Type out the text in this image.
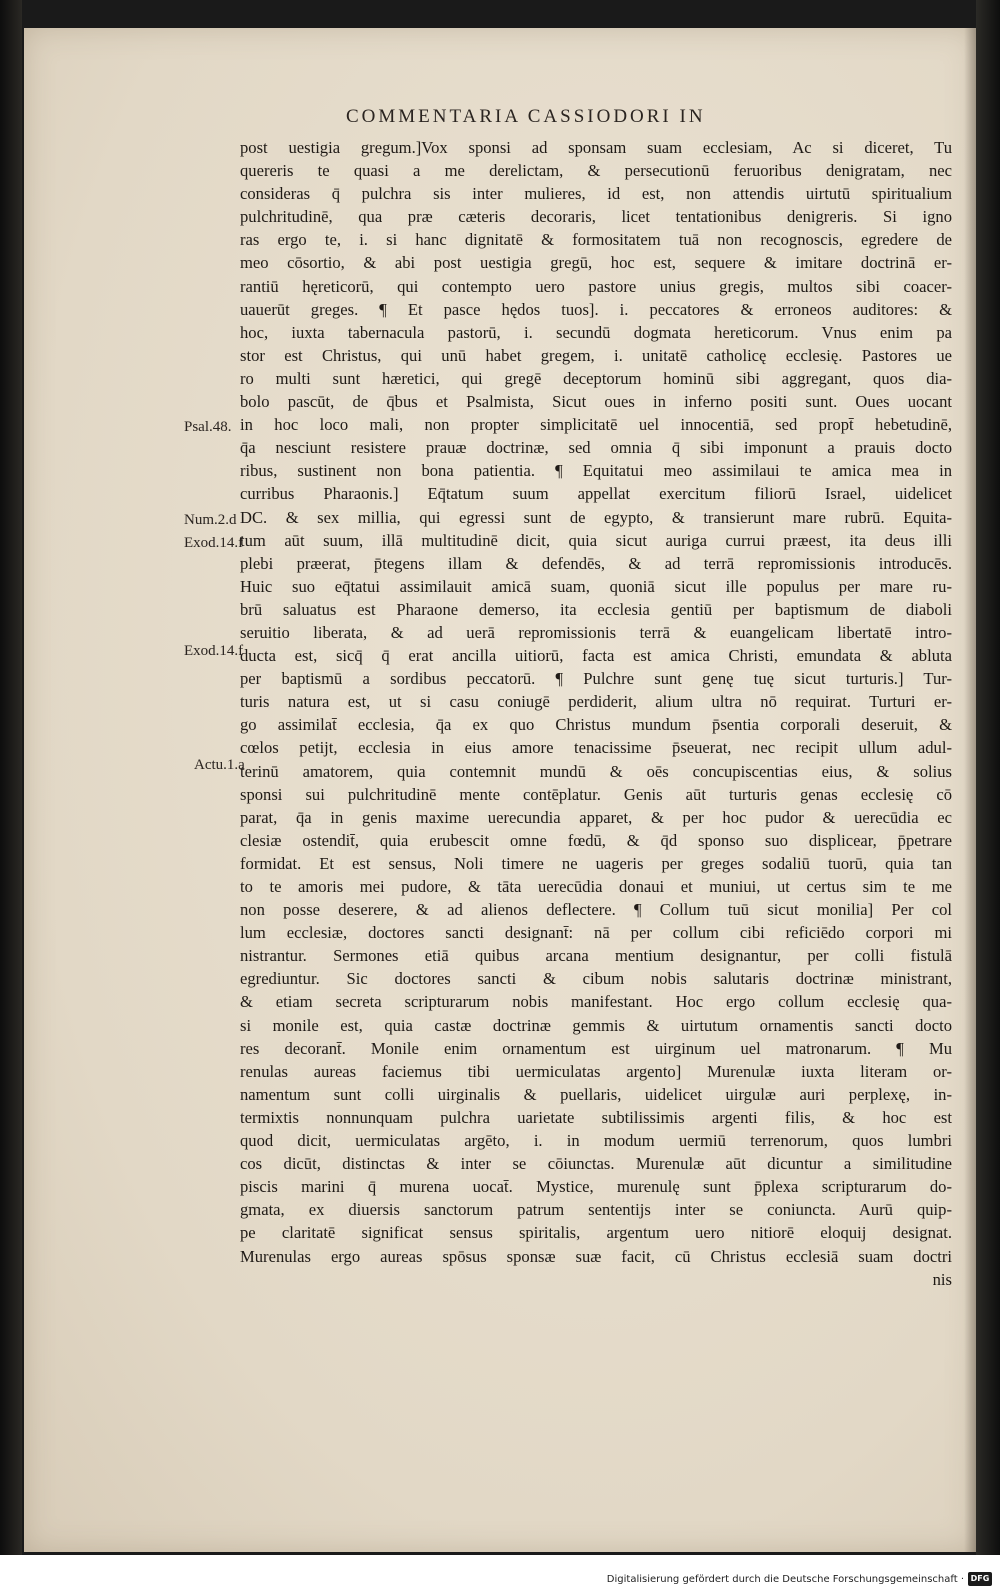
COMMENTARIA CASSIODORI IN
Psal.48.
Num.2.d
Exod.14.f
Exod.14.f
Actu.1.a
post uestigia gregum.]Vox sponsi ad sponsam suam ecclesiam, Ac si diceret, Tu
quereris te quasi a me derelictam, & persecutionū feruoribus denigratam, nec
consideras q̄ pulchra sis inter mulieres, id est, non attendis uirtutū spiritualium
pulchritudinē, qua præ cæteris decoraris, licet tentationibus denigreris. Si igno
ras ergo te, i. si hanc dignitatē & formositatem tuā non recognoscis, egredere de
meo cōsortio, & abi post uestigia gregū, hoc est, sequere & imitare doctrinā er-
rantiū hęreticorū, qui contempto uero pastore unius gregis, multos sibi coacer-
uauerūt greges. ¶ Et pasce hędos tuos]. i. peccatores & erroneos auditores: &
hoc, iuxta tabernacula pastorū, i. secundū dogmata hereticorum. Vnus enim pa
stor est Christus, qui unū habet gregem, i. unitatē catholicę ecclesię. Pastores ue
ro multi sunt hæretici, qui gregē deceptorum hominū sibi aggregant, quos dia-
bolo pascūt, de q̄bus et Psalmista, Sicut oues in inferno positi sunt. Oues uocant
in hoc loco mali, non propter simplicitatē uel innocentiā, sed propt̄ hebetudinē,
q̄a nesciunt resistere prauæ doctrinæ, sed omnia q̄ sibi imponunt a prauis docto
ribus, sustinent non bona patientia. ¶ Equitatui meo assimilaui te amica mea in
curribus Pharaonis.] Eq̄tatum suum appellat exercitum filiorū Israel, uidelicet
DC. & sex millia, qui egressi sunt de egypto, & transierunt mare rubrū. Equita-
tum aūt suum, illā multitudinē dicit, quia sicut auriga currui præest, ita deus illi
plebi præerat, p̄tegens illam & defendēs, & ad terrā repromissionis introducēs.
Huic suo eq̄tatui assimilauit amicā suam, quoniā sicut ille populus per mare ru-
brū saluatus est Pharaone demerso, ita ecclesia gentiū per baptismum de diaboli
seruitio liberata, & ad uerā repromissionis terrā & euangelicam libertatē intro-
ducta est, sicq̄ q̄ erat ancilla uitiorū, facta est amica Christi, emundata & abluta
per baptismū a sordibus peccatorū. ¶ Pulchre sunt genę tuę sicut turturis.] Tur-
turis natura est, ut si casu coniugē perdiderit, alium ultra nō requirat. Turturi er-
go assimilat̄ ecclesia, q̄a ex quo Christus mundum p̄sentia corporali deseruit, &
cœlos petijt, ecclesia in eius amore tenacissime p̄seuerat, nec recipit ullum adul-
terinū amatorem, quia contemnit mundū & oēs concupiscentias eius, & solius
sponsi sui pulchritudinē mente contēplatur. Genis aūt turturis genas ecclesię cō
parat, q̄a in genis maxime uerecundia apparet, & per hoc pudor & uerecūdia ec
clesiæ ostendit̄, quia erubescit omne fœdū, & q̄d sponso suo displicear, p̄petrare
formidat. Et est sensus, Noli timere ne uageris per greges sodaliū tuorū, quia tan
to te amoris mei pudore, & tāta uerecūdia donaui et muniui, ut certus sim te me
non posse deserere, & ad alienos deflectere. ¶ Collum tuū sicut monilia] Per col
lum ecclesiæ, doctores sancti designant̄: nā per collum cibi reficiēdo corpori mi
nistrantur. Sermones etiā quibus arcana mentium designantur, per colli fistulā
egrediuntur. Sic doctores sancti & cibum nobis salutaris doctrinæ ministrant,
& etiam secreta scripturarum nobis manifestant. Hoc ergo collum ecclesię qua-
si monile est, quia castæ doctrinæ gemmis & uirtutum ornamentis sancti docto
res decorant̄. Monile enim ornamentum est uirginum uel matronarum. ¶ Mu
renulas aureas faciemus tibi uermiculatas argento] Murenulæ iuxta literam or-
namentum sunt colli uirginalis & puellaris, uidelicet uirgulæ auri perplexę, in-
termixtis nonnunquam pulchra uarietate subtilissimis argenti filis, & hoc est
quod dicit, uermiculatas argēto, i. in modum uermiū terrenorum, quos lumbri
cos dicūt, distinctas & inter se cōiunctas. Murenulæ aūt dicuntur a similitudine
piscis marini q̄ murena uocat̄. Mystice, murenulę sunt p̄plexa scripturarum do-
gmata, ex diuersis sanctorum patrum sententijs inter se coniuncta. Aurū quip-
pe claritatē significat sensus spiritalis, argentum uero nitiorē eloquij designat.
Murenulas ergo aureas spōsus sponsæ suæ facit, cū Christus ecclesiā suam doctri
nis
Digitalisierung gefördert durch die Deutsche Forschungsgemeinschaft · DFG
